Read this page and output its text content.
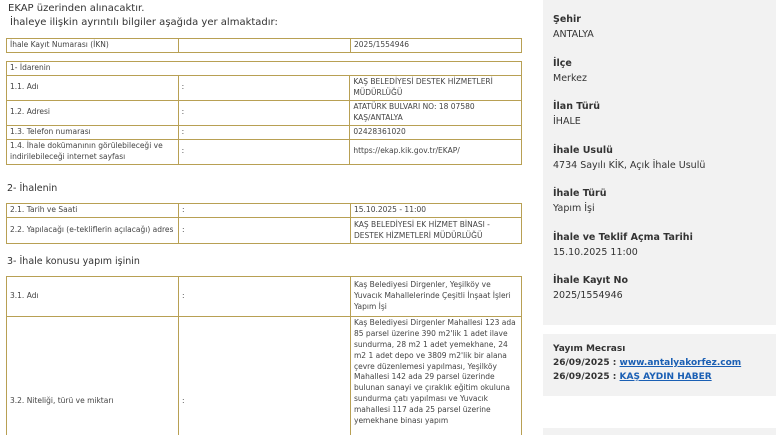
EKAP üzerinden alınacaktır.
İhaleye ilişkin ayrıntılı bilgiler aşağıda yer almaktadır:
İhale Kayıt Numarası (İKN)		2025/1554946
1- İdarenin		
1.1. Adı	:	KAŞ BELEDİYESİ DESTEK HİZMETLERİ MÜDÜRLÜĞÜ
1.2. Adresi	:	ATATÜRK BULVARI NO: 18 07580 KAŞ/ANTALYA
1.3. Telefon numarası	:	02428361020
1.4. İhale dokümanının görülebileceği ve indirilebileceği internet sayfası	:	https://ekap.kik.gov.tr/EKAP/
2- İhalenin
2.1. Tarih ve Saati	:	15.10.2025 - 11:00
2.2. Yapılacağı (e-tekliflerin açılacağı) adres	:	KAŞ BELEDİYESİ EK HİZMET BİNASI - DESTEK HİZMETLERİ MÜDÜRLÜĞÜ
3- İhale konusu yapım işinin
3.1. Adı	:	Kaş Belediyesi Dirgenler, Yeşilköy ve Yuvacık Mahallelerinde Çeşitli İnşaat İşleri Yapım İşi
3.2. Niteliği, türü ve miktarı	:	Kaş Belediyesi Dirgenler Mahallesi 123 ada 85 parsel üzerine 390 m2'lik 1 adet ilave sundurma, 28 m2 1 adet yemekhane, 24 m2 1 adet depo ve 3809 m2'lik bir alana çevre düzenlemesi yapılması, Yeşilköy Mahallesi 142 ada 29 parsel üzerinde bulunan sanayi ve çıraklık eğitim okuluna sundurma çatı yapılması ve Yuvacık mahallesi 117 ada 25 parsel üzerine yemekhane binası yapım
Şehir
ANTALYA
İlçe
Merkez
İlan Türü
İHALE
İhale Usulü
4734 Sayılı KİK, Açık İhale Usulü
İhale Türü
Yapım İşi
İhale ve Teklif Açma Tarihi
15.10.2025 11:00
İhale Kayıt No
2025/1554946
Yayım Mecrası
26/09/2025 : www.antalyakorfez.com
26/09/2025 : KAŞ AYDIN HABER
